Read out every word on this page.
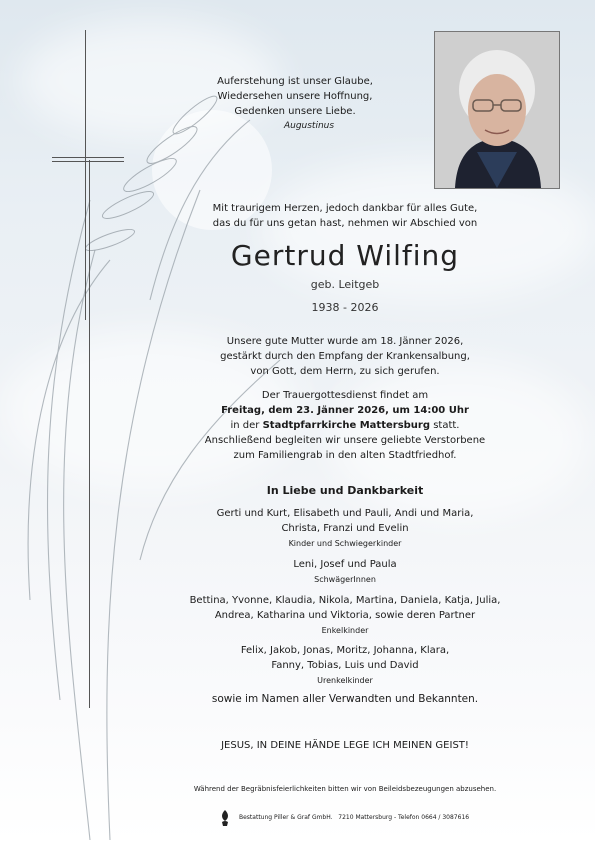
Auferstehung ist unser Glaube,
Wiedersehen unsere Hoffnung,
Gedenken unsere Liebe.
Augustinus
Mit traurigem Herzen, jedoch dankbar für alles Gute,
das du für uns getan hast, nehmen wir Abschied von
Gertrud Wilfing
geb. Leitgeb
1938 - 2026
Unsere gute Mutter wurde am 18. Jänner 2026,
gestärkt durch den Empfang der Krankensalbung,
von Gott, dem Herrn, zu sich gerufen.
Der Trauergottesdienst findet am
Freitag, dem 23. Jänner 2026, um 14:00 Uhr
in der Stadtpfarrkirche Mattersburg statt.
Anschließend begleiten wir unsere geliebte Verstorbene
zum Familiengrab in den alten Stadtfriedhof.
In Liebe und Dankbarkeit
Gerti und Kurt, Elisabeth und Pauli, Andi und Maria,
Christa, Franzi und Evelin
Kinder und Schwiegerkinder
Leni, Josef und Paula
SchwägerInnen
Bettina, Yvonne, Klaudia, Nikola, Martina, Daniela, Katja, Julia,
Andrea, Katharina und Viktoria, sowie deren Partner
Enkelkinder
Felix, Jakob, Jonas, Moritz, Johanna, Klara,
Fanny, Tobias, Luis und David
Urenkelkinder
sowie im Namen aller Verwandten und Bekannten.
JESUS, IN DEINE HÄNDE LEGE ICH MEINEN GEIST!
Während der Begräbnisfeierlichkeiten bitten wir von Beileidsbezeugungen abzusehen.
Bestattung Piller & Graf GmbH.   7210 Mattersburg - Telefon 0664 / 3087616
